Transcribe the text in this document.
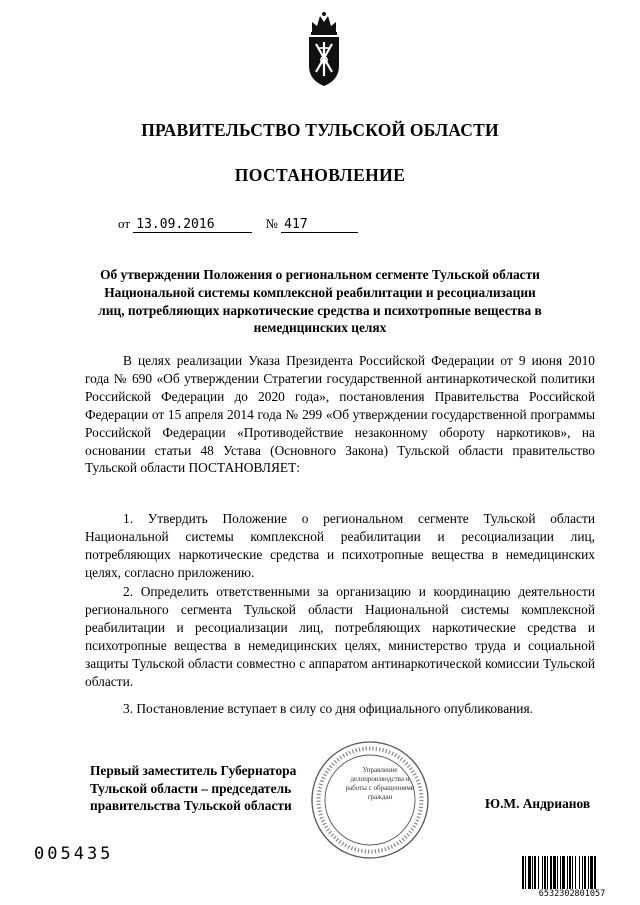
ПРАВИТЕЛЬСТВО ТУЛЬСКОЙ ОБЛАСТИ
ПОСТАНОВЛЕНИЕ
от 13.09.2016	№ 417
Об утверждении Положения о региональном сегменте Тульской области Национальной системы комплексной реабилитации и ресоциализации лиц, потребляющих наркотические средства и психотропные вещества в немедицинских целях
В целях реализации Указа Президента Российской Федерации от 9 июня 2010 года № 690 «Об утверждении Стратегии государственной антинаркотической политики Российской Федерации до 2020 года», постановления Правительства Российской Федерации от 15 апреля 2014 года № 299 «Об утверждении государственной программы Российской Федерации «Противодействие незаконному обороту наркотиков», на основании статьи 48 Устава (Основного Закона) Тульской области правительство Тульской области ПОСТАНОВЛЯЕТ:
1. Утвердить Положение о региональном сегменте Тульской области Национальной системы комплексной реабилитации и ресоциализации лиц, потребляющих наркотические средства и психотропные вещества в немедицинских целях, согласно приложению.
2. Определить ответственными за организацию и координацию деятельности регионального сегмента Тульской области Национальной системы комплексной реабилитации и ресоциализации лиц, потребляющих наркотические средства и психотропные вещества в немедицинских целях, министерство труда и социальной защиты Тульской области совместно с аппаратом антинаркотической комиссии Тульской области.
3. Постановление вступает в силу со дня официального опубликования.
Первый заместитель Губернатора
Тульской области – председатель
правительства Тульской области	Ю.М. Андрианов
Управление делопроизводства и работы с обращениями граждан
005435
6532302801057
